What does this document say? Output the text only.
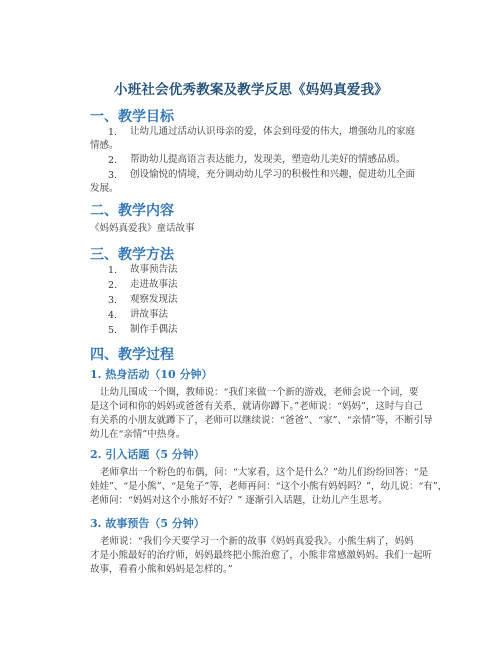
小班社会优秀教案及教学反思《妈妈真爱我》
一、教学目标
1. 让幼儿通过活动认识母亲的爱，体会到母爱的伟大，增强幼儿的家庭
情感。
2. 帮助幼儿提高语言表达能力，发现美，塑造幼儿美好的情感品质。
3. 创设愉悦的情境，充分调动幼儿学习的积极性和兴趣，促进幼儿全面
发展。
二、教学内容
《妈妈真爱我》童话故事
三、教学方法
1. 故事预告法
2. 走进故事法
3. 观察发现法
4. 讲故事法
5. 制作手偶法
四、教学过程
1. 热身活动（10 分钟）
让幼儿围成一个圈，教师说：“我们来做一个新的游戏，老师会说一个词，要
是这个词和你的妈妈或爸爸有关系，就请你蹲下。”老师说：“妈妈”，这时与自己
有关系的小朋友就蹲下了，老师可以继续说：“爸爸”、“家”、“亲情”等，不断引导
幼儿在“亲情”中热身。
2. 引入话题（5 分钟）
老师拿出一个粉色的布偶，问：“大家看，这个是什么？”幼儿们纷纷回答：“是
娃娃”、“是小熊”、“是兔子”等，老师再问：“这个小熊有妈妈吗？”，幼儿说：“有”，
老师问：“妈妈对这个小熊好不好？” 逐渐引入话题，让幼儿产生思考。
3. 故事预告（5 分钟）
老师说：“我们今天要学习一个新的故事《妈妈真爱我》。小熊生病了，妈妈
才是小熊最好的治疗师，妈妈最终把小熊治愈了，小熊非常感激妈妈。我们一起听
故事，看看小熊和妈妈是怎样的。”
